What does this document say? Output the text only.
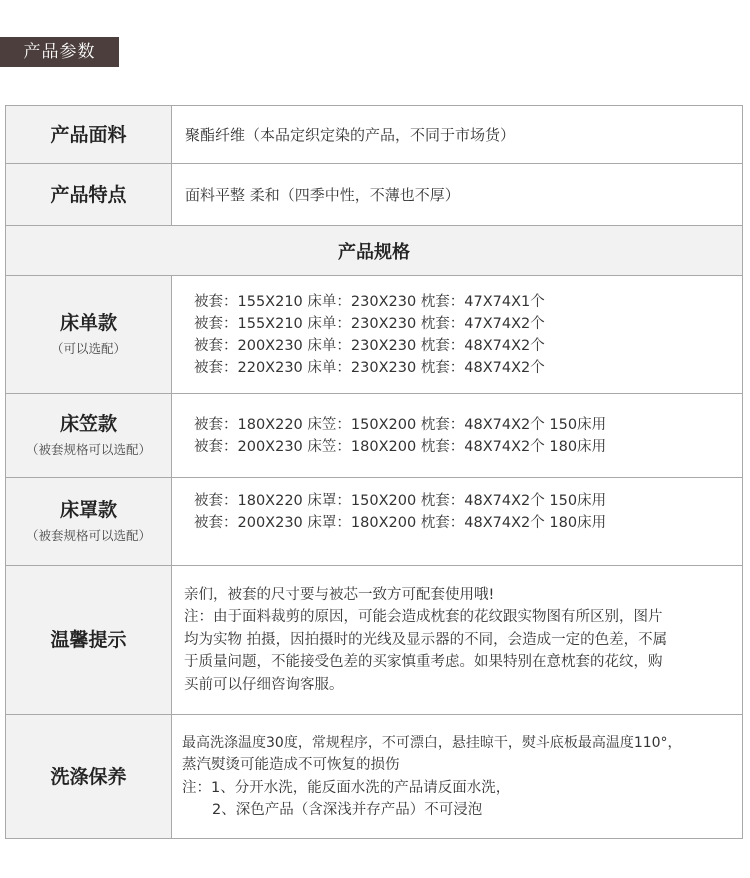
产品参数
产品面料	聚酯纤维（本品定织定染的产品，不同于市场货）

产品特点	面料平整 柔和（四季中性，不薄也不厚）
产品规格	

床单款
（可以选配）	被套：155X210 床单：230X230 枕套：47X74X1个
被套：155X210 床单：230X230 枕套：47X74X2个
被套：200X230 床单：230X230 枕套：48X74X2个
被套：220X230 床单：230X230 枕套：48X74X2个

床笠款
（被套规格可以选配）	被套：180X220 床笠：150X200 枕套：48X74X2个 150床用
被套：200X230 床笠：180X200 枕套：48X74X2个 180床用

床罩款
（被套规格可以选配）	被套：180X220 床罩：150X200 枕套：48X74X2个 150床用
被套：200X230 床罩：180X200 枕套：48X74X2个 180床用

温馨提示	亲们，被套的尺寸要与被芯一致方可配套使用哦!
注：由于面料裁剪的原因，可能会造成枕套的花纹跟实物图有所区别，图片
均为实物 拍摄，因拍摄时的光线及显示器的不同，会造成一定的色差，不属
于质量问题，不能接受色差的买家慎重考虑。如果特别在意枕套的花纹，购
买前可以仔细咨询客服。

洗涤保养	最高洗涤温度30度，常规程序，不可漂白，悬挂晾干，熨斗底板最高温度110°，
蒸汽熨烫可能造成不可恢复的损伤
注：1、分开水洗，能反面水洗的产品请反面水洗，
2、深色产品（含深浅并存产品）不可浸泡
